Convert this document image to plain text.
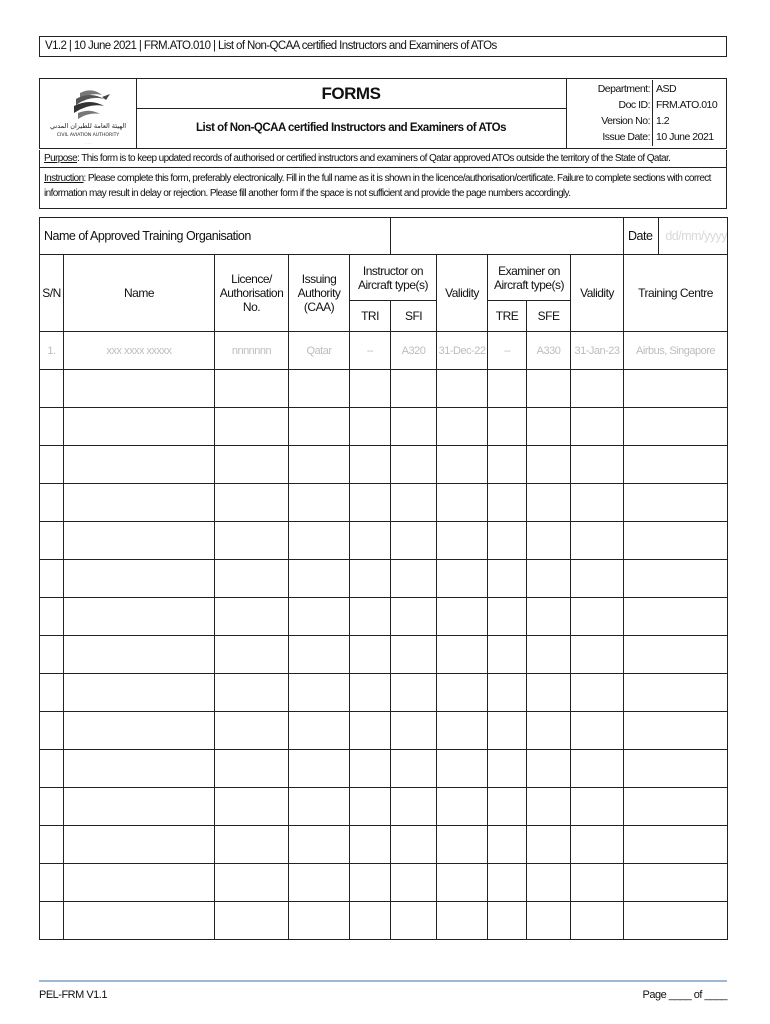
V1.2 | 10 June 2021 | FRM.ATO.010 | List of Non-QCAA certified Instructors and Examiners of ATOs
الهيئة العامة للطيران المدني
CIVIL AVIATION AUTHORITY
. . .
FORMS
List of Non-QCAA certified Instructors and Examiners of ATOs
Department: ASD
Doc ID: FRM.ATO.010
Version No: 1.2
Issue Date: 10 June 2021
Purpose: This form is to keep updated records of authorised or certified instructors and examiners of Qatar approved ATOs outside the territory of the State of Qatar.
Instruction: Please complete this form, preferably electronically. Fill in the full name as it is shown in the licence/authorisation/certificate. Failure to complete sections with correct information may result in delay or rejection. Please fill another form if the space is not sufficient and provide the page numbers accordingly.
Name of Approved Training Organisation										Date dd/mm/yyyy

S/N	Name	Licence/ Authorisation No.	Issuing Authority (CAA)	Instructor on Aircraft type(s)		Validity	Examiner on Aircraft type(s)		Validity	Training Centre
				TRI	SFI		TRE	SFE		
1.	xxx xxxx xxxxx	nnnnnnn	Qatar	--	A320	31-Dec-22	--	A330	31-Jan-23	Airbus, Singapore

PEL-FRM V1.1	Page ____ of ____
